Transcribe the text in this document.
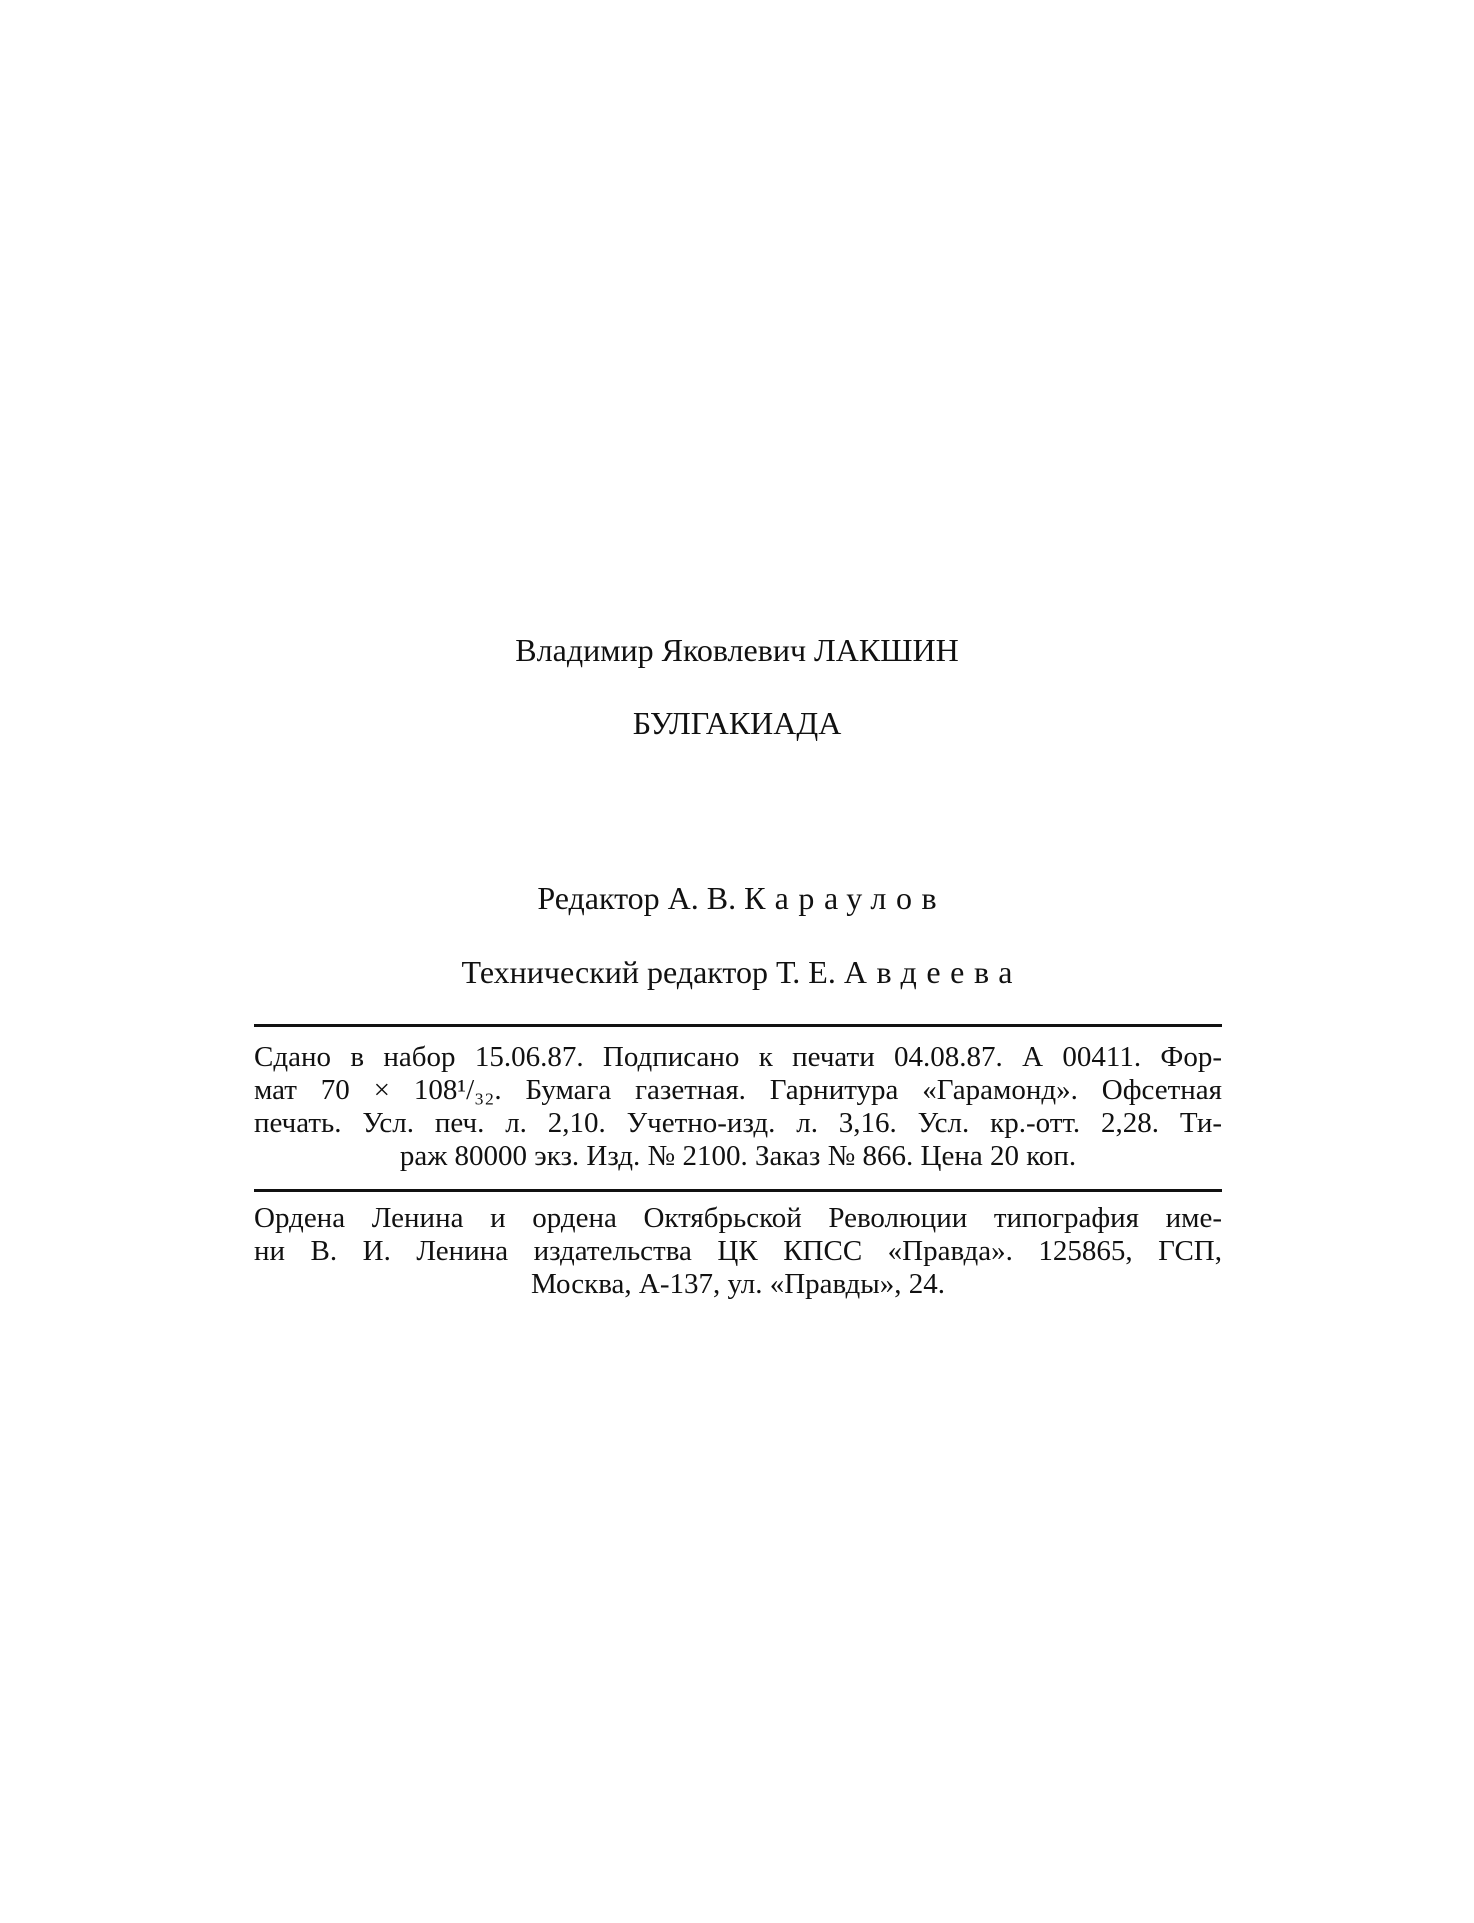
Владимир Яковлевич ЛАКШИН
БУЛГАКИАДА
Редактор А. В. Караулов
Технический редактор Т. Е. Авдеева
Сдано в набор 15.06.87. Подписано к печати 04.08.87. А 00411. Фор-
мат 70 × 108¹/₃₂. Бумага газетная. Гарнитура «Гарамонд». Офсетная
печать. Усл. печ. л. 2,10. Учетно-изд. л. 3,16. Усл. кр.-отт. 2,28. Ти-
раж 80000 экз. Изд. № 2100. Заказ № 866. Цена 20 коп.
Ордена Ленина и ордена Октябрьской Революции типография име-
ни В. И. Ленина издательства ЦК КПСС «Правда». 125865, ГСП,
Москва, А-137, ул. «Правды», 24.
